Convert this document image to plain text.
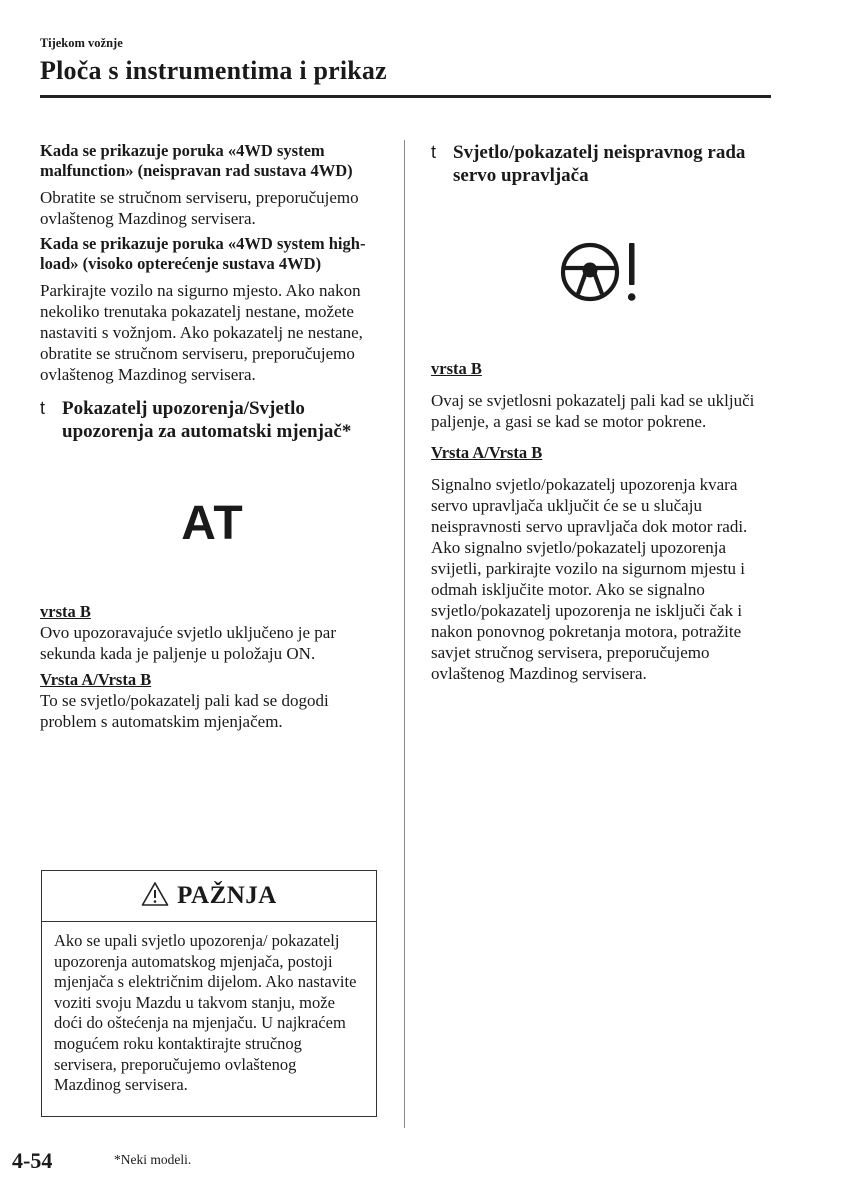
Tijekom vožnje
Ploča s instrumentima i prikaz
Kada se prikazuje poruka «4WD system malfunction» (neispravan rad sustava 4WD)

Obratite se stručnom serviseru, preporučujemo ovlaštenog Mazdinog servisera.

Kada se prikazuje poruka «4WD system high-load» (visoko opterećenje sustava 4WD)

Parkirajte vozilo na sigurno mjesto. Ako nakon nekoliko trenutaka pokazatelj nestane, možete nastaviti s vožnjom. Ako pokazatelj ne nestane, obratite se stručnom serviseru, preporučujemo ovlaštenog Mazdinog servisera.

t Pokazatelj upozorenja/Svjetlo upozorenja za automatski mjenjač*
AT

vrsta B

Ovo upozoravajuće svjetlo uključeno je par sekunda kada je paljenje u položaju ON.

Vrsta A/Vrsta B

To se svjetlo/pokazatelj pali kad se dogodi problem s automatskim mjenjačem.

PAŽNJA

Ako se upali svjetlo upozorenja/ pokazatelj upozorenja automatskog mjenjača, postoji mjenjača s električnim dijelom. Ako nastavite voziti svoju Mazdu u takvom stanju, može doći do oštećenja na mjenjaču. U najkraćem mogućem roku kontaktirajte stručnog servisera, preporučujemo ovlaštenog Mazdinog servisera.

t Svjetlo/pokazatelj neispravnog rada servo upravljača

vrsta B

Ovaj se svjetlosni pokazatelj pali kad se uključi paljenje, a gasi se kad se motor pokrene.

Vrsta A/Vrsta B

Signalno svjetlo/pokazatelj upozorenja kvara servo upravljača uključit će se u slučaju neispravnosti servo upravljača dok motor radi. Ako signalno svjetlo/pokazatelj upozorenja svijetli, parkirajte vozilo na sigurnom mjestu i odmah isključite motor. Ako se signalno svjetlo/pokazatelj upozorenja ne isključi čak i nakon ponovnog pokretanja motora, potražite savjet stručnog servisera, preporučujemo ovlaštenog Mazdinog servisera.

4-54	*Neki modeli.
